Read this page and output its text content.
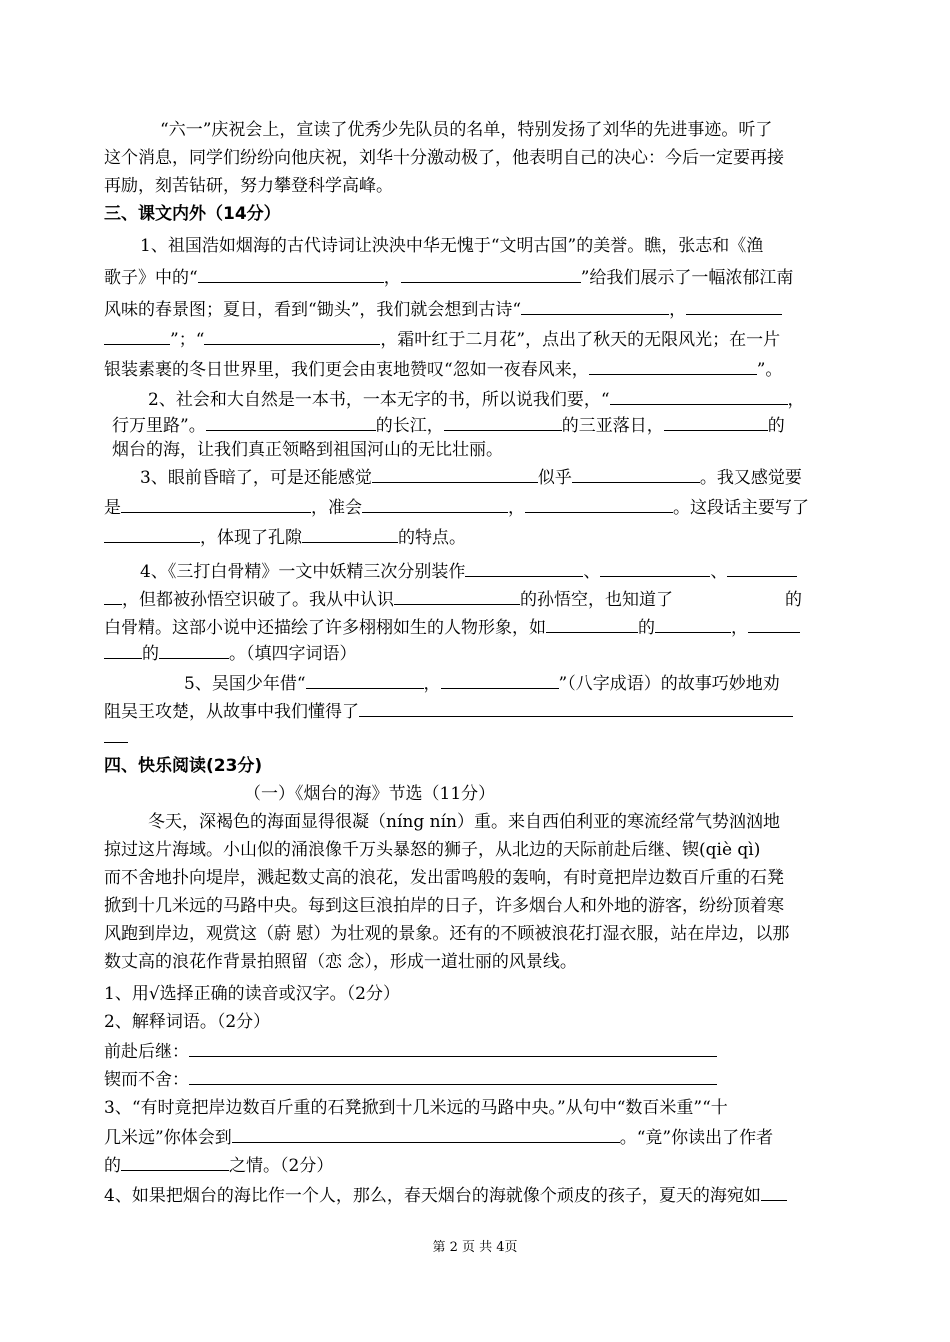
“六一”庆祝会上，宣读了优秀少先队员的名单，特别发扬了刘华的先进事迹。听了
这个消息，同学们纷纷向他庆祝，刘华十分激动极了，他表明自己的决心：今后一定要再接
再励，刻苦钻研，努力攀登科学高峰。
三、课文内外（14分）
1、祖国浩如烟海的古代诗词让泱泱中华无愧于“文明古国”的美誉。瞧，张志和《渔
歌子》中的“	，	”给我们展示了一幅浓郁江南
风味的春景图；夏日，看到“锄头”，我们就会想到古诗“	，
”；“	，霜叶红于二月花”，点出了秋天的无限风光；在一片
银装素裹的冬日世界里，我们更会由衷地赞叹“忽如一夜春风来，	”。
2、社会和大自然是一本书，一本无字的书，所以说我们要，“	，
行万里路”。	的长江，	的三亚落日，	的
烟台的海，让我们真正领略到祖国河山的无比壮丽。
3、眼前昏暗了，可是还能感觉	似乎	。我又感觉要
是	，准会	，	。这段话主要写了
，体现了孔隙	的特点。
4、《三打白骨精》一文中妖精三次分别装作	、	、
，但都被孙悟空识破了。我从中认识	的孙悟空，也知道了	的
白骨精。这部小说中还描绘了许多栩栩如生的人物形象，如	的	，
的	。（填四字词语）
5、吴国少年借“	，	”（八字成语）的故事巧妙地劝
阻吴王攻楚，从故事中我们懂得了
四、快乐阅读(23分)
（一）《烟台的海》节选（11分）
冬天，深褐色的海面显得很凝（níng nín）重。来自西伯利亚的寒流经常气势汹汹地
掠过这片海域。小山似的涌浪像千万头暴怒的狮子，从北边的天际前赴后继、锲(qiè qì)
而不舍地扑向堤岸，溅起数丈高的浪花，发出雷鸣般的轰响，有时竟把岸边数百斤重的石凳
掀到十几米远的马路中央。每到这巨浪拍岸的日子，许多烟台人和外地的游客，纷纷顶着寒
风跑到岸边，观赏这（蔚 慰）为壮观的景象。还有的不顾被浪花打湿衣服，站在岸边，以那
数丈高的浪花作背景拍照留（恋 念），形成一道壮丽的风景线。
1、用√选择正确的读音或汉字。（2分）
2、解释词语。（2分）
前赴后继：
锲而不舍：
3、“有时竟把岸边数百斤重的石凳掀到十几米远的马路中央。”从句中“数百米重”“十
几米远”你体会到	。“竟”你读出了作者
的	之情。（2分）
4、如果把烟台的海比作一个人，那么，春天烟台的海就像个顽皮的孩子，夏天的海宛如
第 2 页 共 4页
